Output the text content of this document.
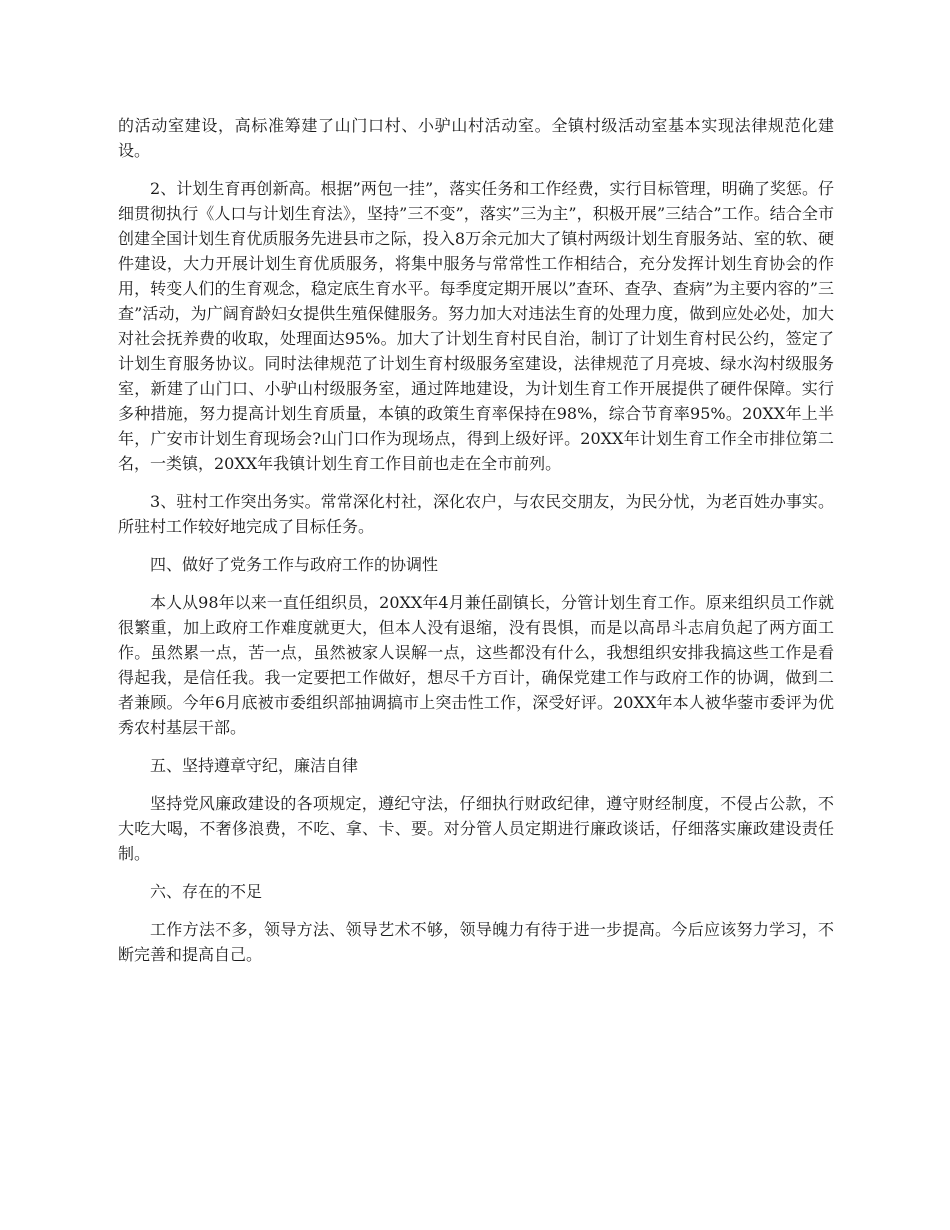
的活动室建设，高标准筹建了山门口村、小驴山村活动室。全镇村级活动室基本实现法律规范化建设。

2、计划生育再创新高。根据”两包一挂”，落实任务和工作经费，实行目标管理，明确了奖惩。仔细贯彻执行《人口与计划生育法》，坚持”三不变”，落实”三为主”，积极开展”三结合”工作。结合全市创建全国计划生育优质服务先进县市之际，投入8万余元加大了镇村两级计划生育服务站、室的软、硬件建设，大力开展计划生育优质服务，将集中服务与常常性工作相结合，充分发挥计划生育协会的作用，转变人们的生育观念，稳定底生育水平。每季度定期开展以”查环、查孕、查病”为主要内容的”三查”活动，为广阔育龄妇女提供生殖保健服务。努力加大对违法生育的处理力度，做到应处必处，加大对社会抚养费的收取，处理面达95%。加大了计划生育村民自治，制订了计划生育村民公约，签定了计划生育服务协议。同时法律规范了计划生育村级服务室建设，法律规范了月亮坡、绿水沟村级服务室，新建了山门口、小驴山村级服务室，通过阵地建设，为计划生育工作开展提供了硬件保障。实行多种措施，努力提高计划生育质量，本镇的政策生育率保持在98%，综合节育率95%。20XX年上半年，广安市计划生育现场会?山门口作为现场点，得到上级好评。20XX年计划生育工作全市排位第二名，一类镇，20XX年我镇计划生育工作目前也走在全市前列。

3、驻村工作突出务实。常常深化村社，深化农户，与农民交朋友，为民分忧，为老百姓办事实。所驻村工作较好地完成了目标任务。

四、做好了党务工作与政府工作的协调性

本人从98年以来一直任组织员，20XX年4月兼任副镇长，分管计划生育工作。原来组织员工作就很繁重，加上政府工作难度就更大，但本人没有退缩，没有畏惧，而是以高昂斗志肩负起了两方面工作。虽然累一点，苦一点，虽然被家人误解一点，这些都没有什么，我想组织安排我搞这些工作是看得起我，是信任我。我一定要把工作做好，想尽千方百计，确保党建工作与政府工作的协调，做到二者兼顾。今年6月底被市委组织部抽调搞市上突击性工作，深受好评。20XX年本人被华蓥市委评为优秀农村基层干部。

五、坚持遵章守纪，廉洁自律

坚持党风廉政建设的各项规定，遵纪守法，仔细执行财政纪律，遵守财经制度，不侵占公款，不大吃大喝，不奢侈浪费，不吃、拿、卡、要。对分管人员定期进行廉政谈话，仔细落实廉政建设责任制。

六、存在的不足

工作方法不多，领导方法、领导艺术不够，领导魄力有待于进一步提高。今后应该努力学习，不断完善和提高自己。
